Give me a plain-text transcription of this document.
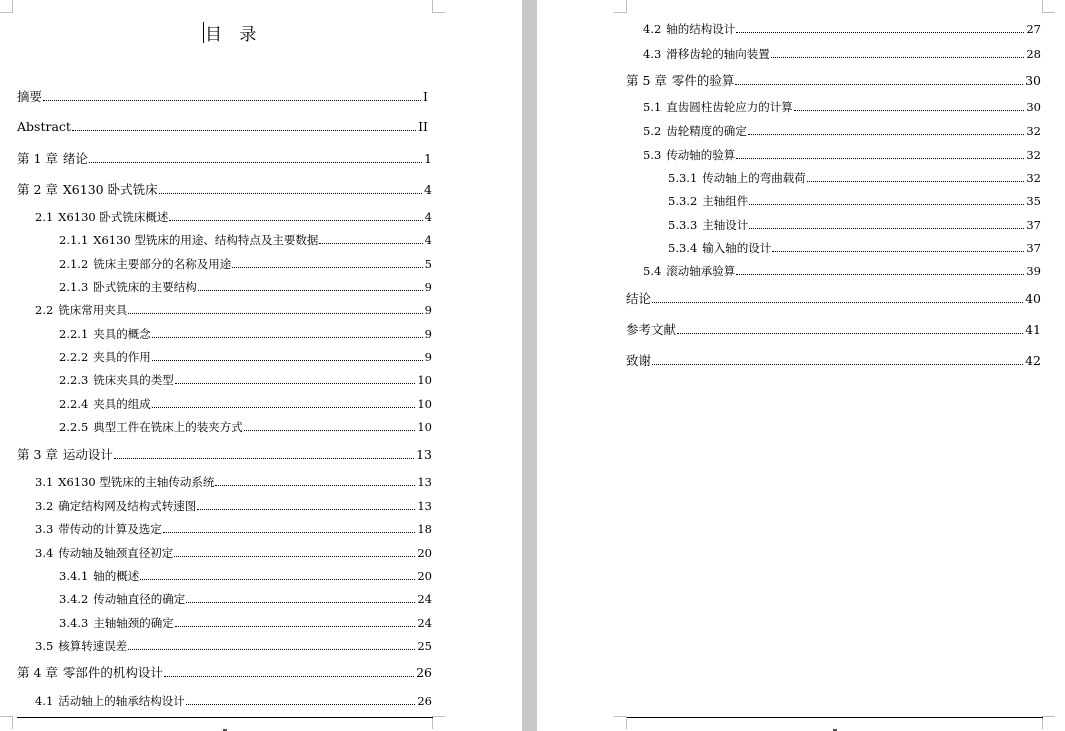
目 录
摘要	I
Abstract	II
第 1 章 绪论	1
第 2 章 X6130 卧式铣床	4
2.1 X6130 卧式铣床概述	4
2.1.1 X6130 型铣床的用途、结构特点及主要数据	4
2.1.2 铣床主要部分的名称及用途	5
2.1.3 卧式铣床的主要结构	9
2.2 铣床常用夹具	9
2.2.1 夹具的概念	9
2.2.2 夹具的作用	9
2.2.3 铣床夹具的类型	10
2.2.4 夹具的组成	10
2.2.5 典型工件在铣床上的装夹方式	10
第 3 章 运动设计	13
3.1 X6130 型铣床的主轴传动系统	13
3.2 确定结构网及结构式转速图	13
3.3 带传动的计算及选定	18
3.4 传动轴及轴颈直径初定	20
3.4.1 轴的概述	20
3.4.2 传动轴直径的确定	24
3.4.3 主轴轴颈的确定	24
3.5 核算转速误差	25
第 4 章 零部件的机构设计	26
4.1 活动轴上的轴承结构设计	26
4.2 轴的结构设计	27
4.3 滑移齿轮的轴向装置	28
第 5 章 零件的验算	30
5.1 直齿圆柱齿轮应力的计算	30
5.2 齿轮精度的确定	32
5.3 传动轴的验算	32
5.3.1 传动轴上的弯曲载荷	32
5.3.2 主轴组件	35
5.3.3 主轴设计	37
5.3.4 输入轴的设计	37
5.4 滚动轴承验算	39
结论	40
参考文献	41
致谢	42
